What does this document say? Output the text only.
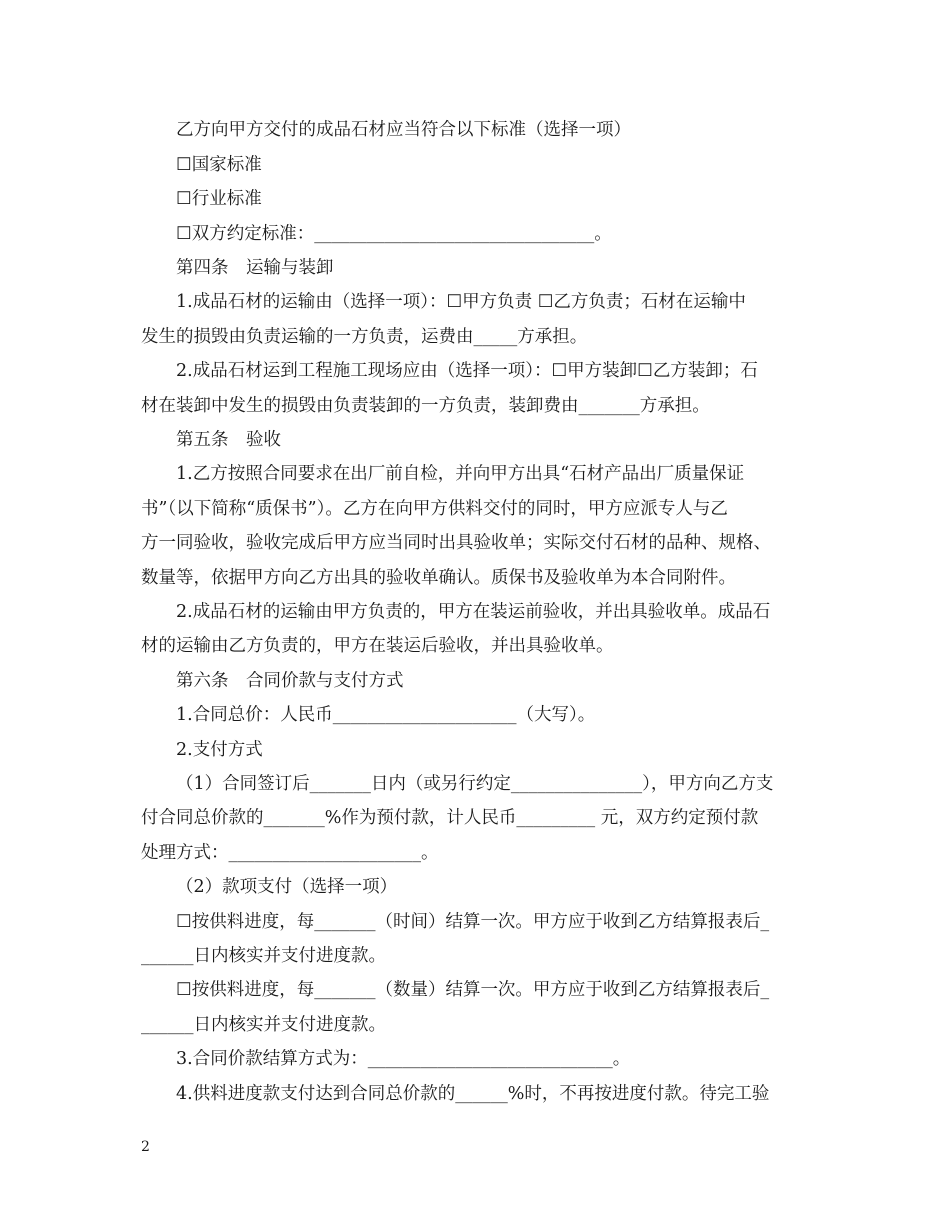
乙方向甲方交付的成品石材应当符合以下标准（选择一项）
☐国家标准
☐行业标准
☐双方约定标准：________________________________。
第四条　运输与装卸
1.成品石材的运输由（选择一项）：☐甲方负责 ☐乙方负责；石材在运输中
发生的损毁由负责运输的一方负责，运费由_____方承担。
2.成品石材运到工程施工现场应由（选择一项）：☐甲方装卸☐乙方装卸；石
材在装卸中发生的损毁由负责装卸的一方负责，装卸费由_______方承担。
第五条　验收
1.乙方按照合同要求在出厂前自检，并向甲方出具“石材产品出厂质量保证
书”（以下简称“质保书”）。乙方在向甲方供料交付的同时，甲方应派专人与乙
方一同验收，验收完成后甲方应当同时出具验收单；实际交付石材的品种、规格、
数量等，依据甲方向乙方出具的验收单确认。质保书及验收单为本合同附件。
2.成品石材的运输由甲方负责的，甲方在装运前验收，并出具验收单。成品石
材的运输由乙方负责的，甲方在装运后验收，并出具验收单。
第六条　合同价款与支付方式
1.合同总价：人民币_____________________（大写）。
2.支付方式
（1）合同签订后_______日内（或另行约定_______________），甲方向乙方支
付合同总价款的_______%作为预付款，计人民币_________ 元，双方约定预付款
处理方式：______________________。
（2）款项支付（选择一项）
☐按供料进度，每_______（时间）结算一次。甲方应于收到乙方结算报表后_
______日内核实并支付进度款。
☐按供料进度，每_______（数量）结算一次。甲方应于收到乙方结算报表后_
______日内核实并支付进度款。
3.合同价款结算方式为：____________________________。
4.供料进度款支付达到合同总价款的______%时，不再按进度付款。待完工验
2
